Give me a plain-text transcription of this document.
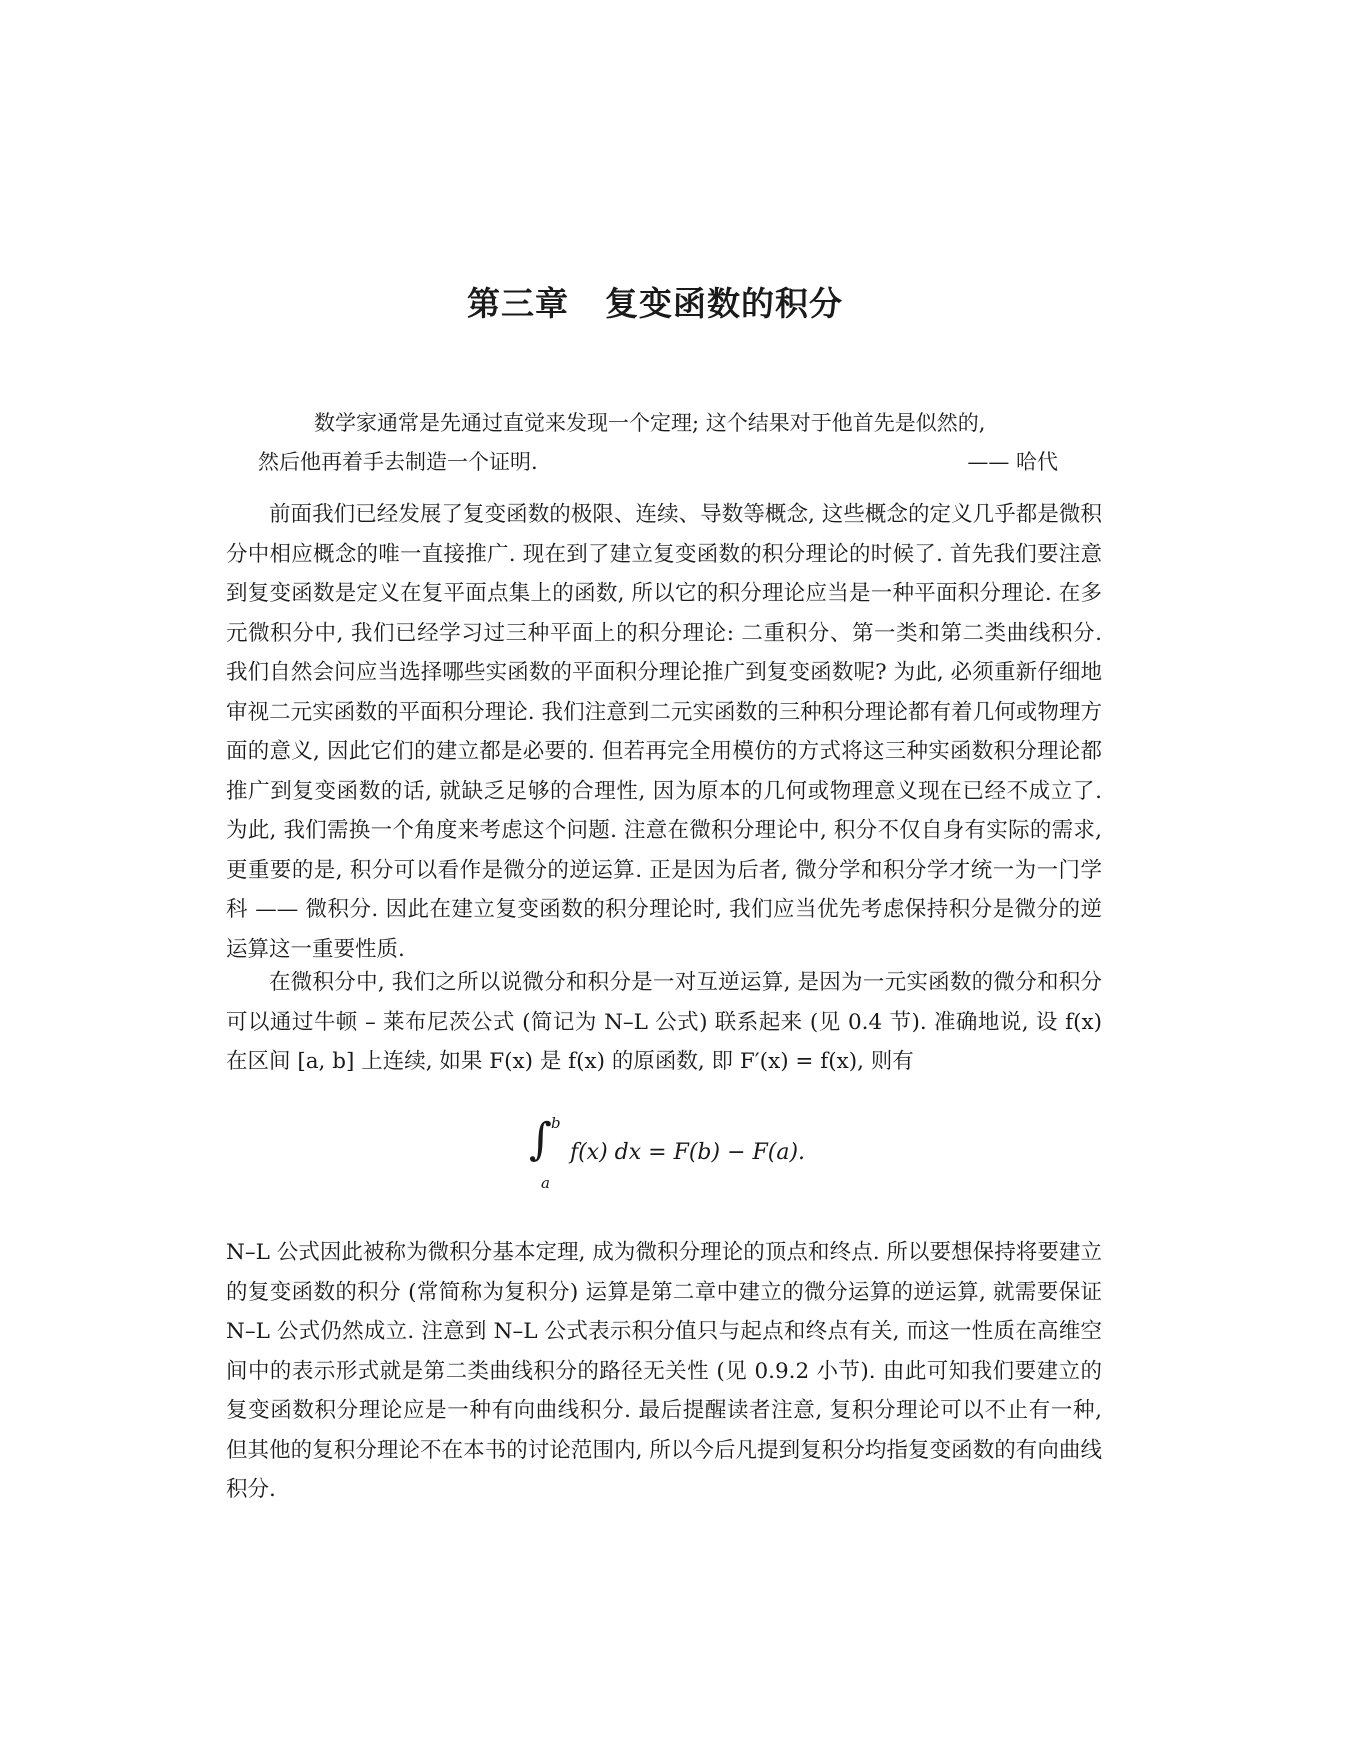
第三章 复变函数的积分
数学家通常是先通过直觉来发现一个定理; 这个结果对于他首先是似然的,
然后他再着手去制造一个证明.	—— 哈代

前面我们已经发展了复变函数的极限、连续、导数等概念, 这些概念的定义几乎都是微积分中相应概念的唯一直接推广. 现在到了建立复变函数的积分理论的时候了. 首先我们要注意到复变函数是定义在复平面点集上的函数, 所以它的积分理论应当是一种平面积分理论. 在多元微积分中, 我们已经学习过三种平面上的积分理论: 二重积分、第一类和第二类曲线积分. 我们自然会问应当选择哪些实函数的平面积分理论推广到复变函数呢? 为此, 必须重新仔细地审视二元实函数的平面积分理论. 我们注意到二元实函数的三种积分理论都有着几何或物理方面的意义, 因此它们的建立都是必要的. 但若再完全用模仿的方式将这三种实函数积分理论都推广到复变函数的话, 就缺乏足够的合理性, 因为原本的几何或物理意义现在已经不成立了. 为此, 我们需换一个角度来考虑这个问题. 注意在微积分理论中, 积分不仅自身有实际的需求, 更重要的是, 积分可以看作是微分的逆运算. 正是因为后者, 微分学和积分学才统一为一门学科 —— 微积分. 因此在建立复变函数的积分理论时, 我们应当优先考虑保持积分是微分的逆运算这一重要性质.

在微积分中, 我们之所以说微分和积分是一对互逆运算, 是因为一元实函数的微分和积分可以通过牛顿 – 莱布尼茨公式 (简记为 N–L 公式) 联系起来 (见 0.4 节). 准确地说, 设 f(x) 在区间 [a, b] 上连续, 如果 F(x) 是 f(x) 的原函数, 即 F′(x) = f(x), 则有

∫ b
a
f(x) dx = F(b) − F(a).

N–L 公式因此被称为微积分基本定理, 成为微积分理论的顶点和终点. 所以要想保持将要建立的复变函数的积分 (常简称为复积分) 运算是第二章中建立的微分运算的逆运算, 就需要保证 N–L 公式仍然成立. 注意到 N–L 公式表示积分值只与起点和终点有关, 而这一性质在高维空间中的表示形式就是第二类曲线积分的路径无关性 (见 0.9.2 小节). 由此可知我们要建立的复变函数积分理论应是一种有向曲线积分. 最后提醒读者注意, 复积分理论可以不止有一种, 但其他的复积分理论不在本书的讨论范围内, 所以今后凡提到复积分均指复变函数的有向曲线积分.
